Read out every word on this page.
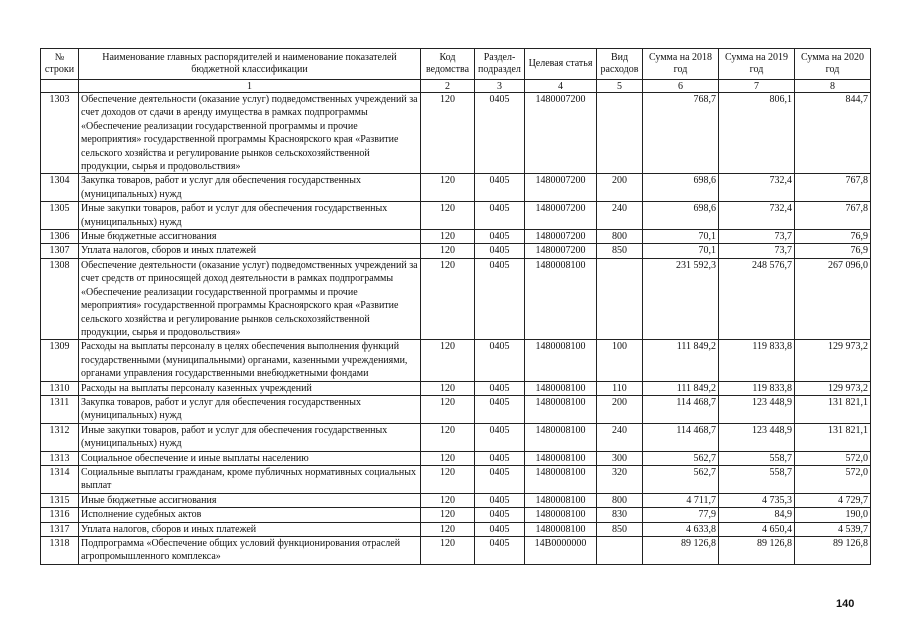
№ строки	Наименование главных распорядителей и наименование показателей бюджетной классификации	Код ведомства	Раздел-подраздел	Целевая статья	Вид расходов	Сумма на 2018 год	Сумма на 2019 год	Сумма на 2020 год
	1	2	3	4	5	6	7	8
1303	Обеспечение деятельности (оказание услуг) подведомственных учреждений за счет доходов от сдачи в аренду имущества в рамках подпрограммы «Обеспечение реализации государственной программы и прочие мероприятия» государственной программы Красноярского края «Развитие сельского хозяйства и регулирование рынков сельскохозяйственной продукции, сырья и продовольствия»	120	0405	1480007200		768,7	806,1	844,7
1304	Закупка товаров, работ и услуг для обеспечения государственных (муниципальных) нужд	120	0405	1480007200	200	698,6	732,4	767,8
1305	Иные закупки товаров, работ и услуг для обеспечения государственных (муниципальных) нужд	120	0405	1480007200	240	698,6	732,4	767,8
1306	Иные бюджетные ассигнования	120	0405	1480007200	800	70,1	73,7	76,9
1307	Уплата налогов, сборов и иных платежей	120	0405	1480007200	850	70,1	73,7	76,9
1308	Обеспечение деятельности (оказание услуг) подведомственных учреждений за счет средств от приносящей доход деятельности в рамках подпрограммы «Обеспечение реализации государственной программы и прочие мероприятия» государственной программы Красноярского края «Развитие сельского хозяйства и регулирование рынков сельскохозяйственной продукции, сырья и продовольствия»	120	0405	1480008100		231 592,3	248 576,7	267 096,0
1309	Расходы на выплаты персоналу в целях обеспечения выполнения функций государственными (муниципальными) органами, казенными учреждениями, органами управления государственными внебюджетными фондами	120	0405	1480008100	100	111 849,2	119 833,8	129 973,2
1310	Расходы на выплаты персоналу казенных учреждений	120	0405	1480008100	110	111 849,2	119 833,8	129 973,2
1311	Закупка товаров, работ и услуг для обеспечения государственных (муниципальных) нужд	120	0405	1480008100	200	114 468,7	123 448,9	131 821,1
1312	Иные закупки товаров, работ и услуг для обеспечения государственных (муниципальных) нужд	120	0405	1480008100	240	114 468,7	123 448,9	131 821,1
1313	Социальное обеспечение и иные выплаты населению	120	0405	1480008100	300	562,7	558,7	572,0
1314	Социальные выплаты гражданам, кроме публичных нормативных социальных выплат	120	0405	1480008100	320	562,7	558,7	572,0
1315	Иные бюджетные ассигнования	120	0405	1480008100	800	4 711,7	4 735,3	4 729,7
1316	Исполнение судебных актов	120	0405	1480008100	830	77,9	84,9	190,0
1317	Уплата налогов, сборов и иных платежей	120	0405	1480008100	850	4 633,8	4 650,4	4 539,7
1318	Подпрограмма «Обеспечение общих условий функционирования отраслей агропромышленного комплекса»	120	0405	14В0000000		89 126,8	89 126,8	89 126,8
140
